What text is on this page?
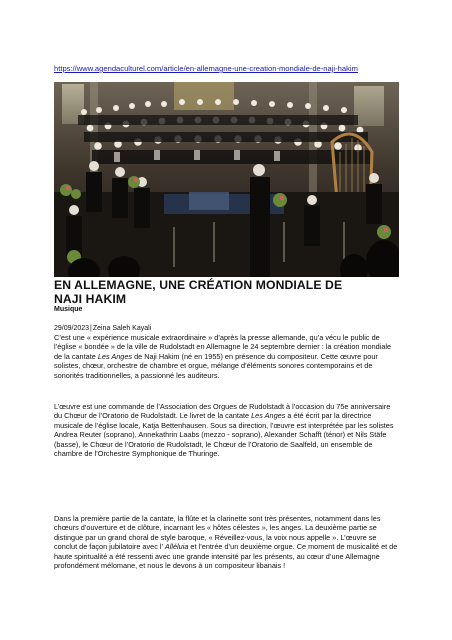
https://www.agendaculturel.com/article/en-allemagne-une-creation-mondiale-de-naji-hakim
EN ALLEMAGNE, UNE CRÉATION MONDIALE DE
NAJI HAKIM
Musique
29/09/2023|Zeina Saleh Kayali
C’est une « expérience musicale extraordinaire » d’après la presse allemande, qu’a vécu le public de l’église « bondée » de la ville de Rudolstadt en Allemagne le 24 septembre dernier : la création mondiale de la cantate Les Anges de Naji Hakim (né en 1955) en présence du compositeur. Cette œuvre pour solistes, chœur, orchestre de chambre et orgue, mélange d’éléments sonores contemporains et de sonorités traditionnelles, a passionné les auditeurs.
L’œuvre est une commande de l’Association des Orgues de Rudolstadt à l’occasion du 75e anniversaire du Chœur de l’Oratorio de Rudolstadt. Le livret de la cantate Les Anges a été écrit par la directrice musicale de l’église locale, Katja Bettenhausen. Sous sa direction, l’œuvre est interprétée par les solistes Andrea Reuter (soprano), Annekathrin Laabs (mezzo - soprano), Alexander Schafft (ténor) et Nils Stäfe (basse), le Chœur de l’Oratorio de Rudolstadt, le Chœur de l’Oratorio de Saalfeld, un ensemble de chambre de l’Orchestre Symphonique de Thuringe.
Dans la première partie de la cantate, la flûte et la clarinette sont très présentes, notamment dans les chœurs d’ouverture et de clôture, incarnant les « hôtes célestes », les anges. La deuxième partie se distingue par un grand choral de style baroque, « Réveillez-vous, la voix nous appelle ». L’œuvre se conclut de façon jubilatoire avec l’ Alléluia et l’entrée d’un deuxième orgue. Ce moment de musicalité et de haute spiritualité a été ressenti avec une grande intensité par les présents, au cœur d’une Allemagne profondément mélomane, et nous le devons à un compositeur libanais !
